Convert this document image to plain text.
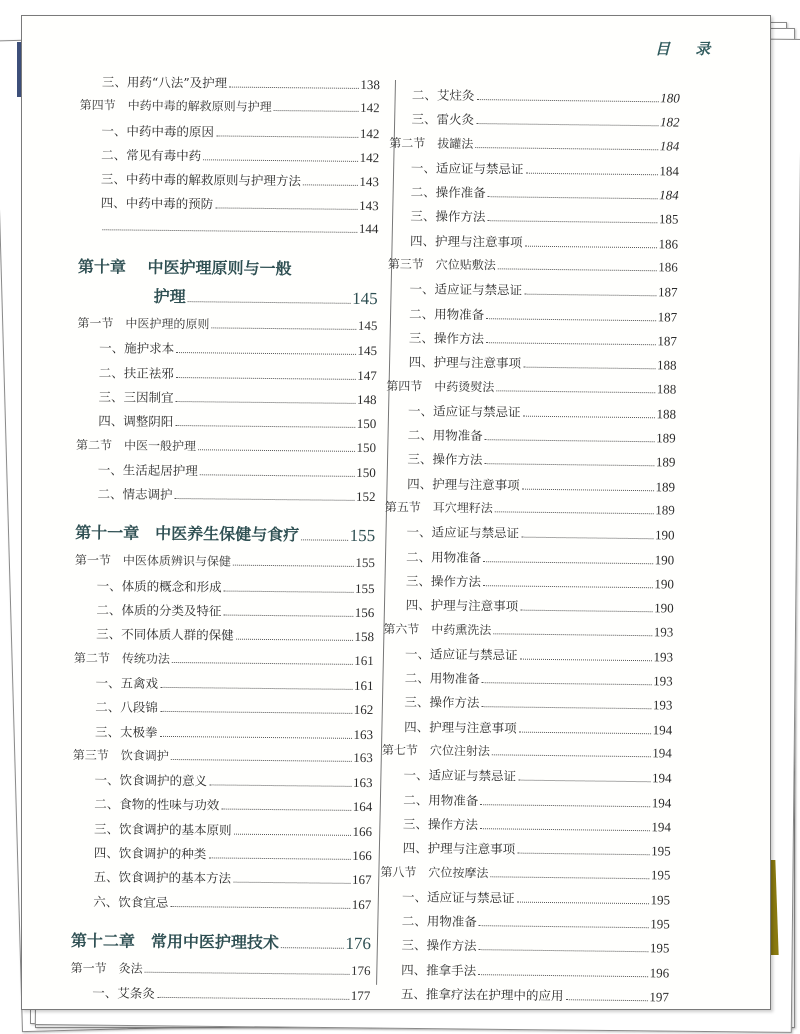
目 录
三、用药“八法”及护理	138
第四节　中药中毒的解救原则与护理	142
一、中药中毒的原因	142
二、常见有毒中药	142
三、中药中毒的解救原则与护理方法	143
四、中药中毒的预防	143
144
第十章 中医护理原则与一般
护理	145
第一节　中医护理的原则	145
一、施护求本	145
二、扶正祛邪	147
三、三因制宜	148
四、调整阴阳	150
第二节　中医一般护理	150
一、生活起居护理	150
二、情志调护	152
第十一章 中医养生保健与食疗	155
第一节　中医体质辨识与保健	155
一、体质的概念和形成	155
二、体质的分类及特征	156
三、不同体质人群的保健	158
第二节　传统功法	161
一、五禽戏	161
二、八段锦	162
三、太极拳	163
第三节　饮食调护	163
一、饮食调护的意义	163
二、食物的性味与功效	164
三、饮食调护的基本原则	166
四、饮食调护的种类	166
五、饮食调护的基本方法	167
六、饮食宜忌	167
第十二章 常用中医护理技术	176
第一节　灸法	176
一、艾条灸	177
二、艾炷灸	180
三、雷火灸	182
第二节　拔罐法	184
一、适应证与禁忌证	184
二、操作准备	184
三、操作方法	185
四、护理与注意事项	186
第三节　穴位贴敷法	186
一、适应证与禁忌证	187
二、用物准备	187
三、操作方法	187
四、护理与注意事项	188
第四节　中药烫熨法	188
一、适应证与禁忌证	188
二、用物准备	189
三、操作方法	189
四、护理与注意事项	189
第五节　耳穴埋籽法	189
一、适应证与禁忌证	190
二、用物准备	190
三、操作方法	190
四、护理与注意事项	190
第六节　中药熏洗法	193
一、适应证与禁忌证	193
二、用物准备	193
三、操作方法	193
四、护理与注意事项	194
第七节　穴位注射法	194
一、适应证与禁忌证	194
二、用物准备	194
三、操作方法	194
四、护理与注意事项	195
第八节　穴位按摩法	195
一、适应证与禁忌证	195
二、用物准备	195
三、操作方法	195
四、推拿手法	196
五、推拿疗法在护理中的应用	197
